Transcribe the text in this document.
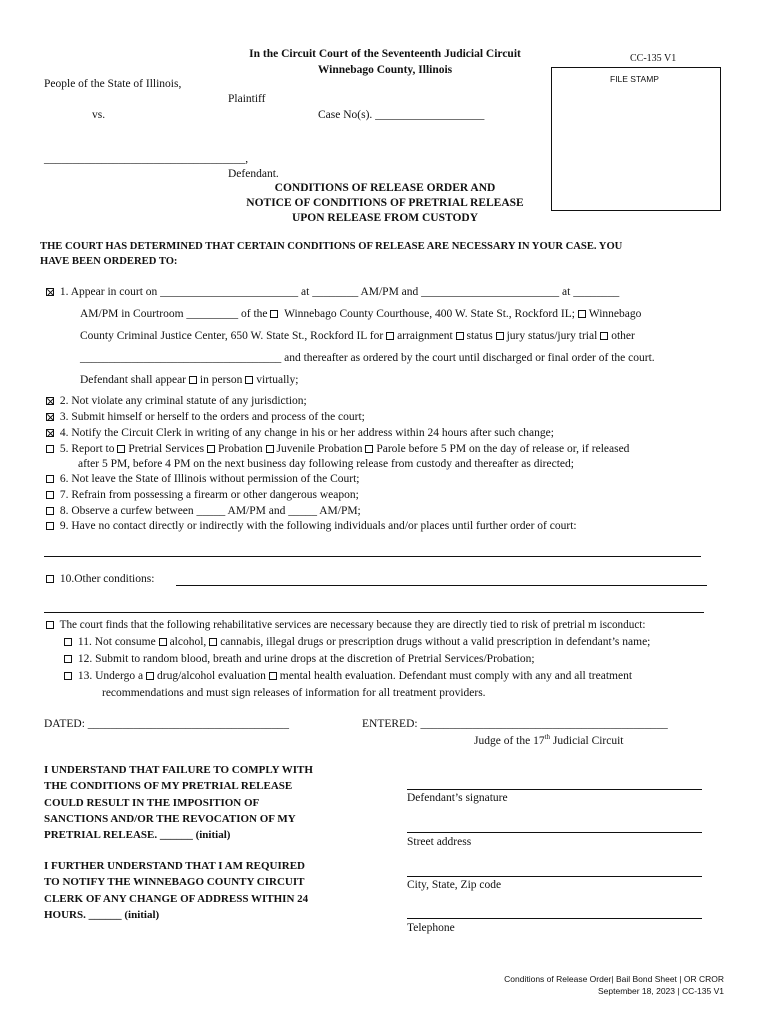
In the Circuit Court of the Seventeenth Judicial Circuit
Winnebago County, Illinois
CC-135 V1
FILE STAMP
People of the State of Illinois,
Plaintiff
vs.	Case No(s). ___________________
___________________________________,
Defendant.
CONDITIONS OF RELEASE ORDER AND
NOTICE OF CONDITIONS OF PRETRIAL RELEASE
UPON RELEASE FROM CUSTODY
THE COURT HAS DETERMINED THAT CERTAIN CONDITIONS OF RELEASE ARE NECESSARY IN YOUR CASE. YOU
HAVE BEEN ORDERED TO:
1. Appear in court on ________________________ at ________ AM/PM and ________________________ at ________
AM/PM in Courtroom _________ of the Winnebago County Courthouse, 400 W. State St., Rockford IL; Winnebago
County Criminal Justice Center, 650 W. State St., Rockford IL for arraignment status jury status/jury trial other
___________________________________ and thereafter as ordered by the court until discharged or final order of the court.
Defendant shall appear in person virtually;
2. Not violate any criminal statute of any jurisdiction;
3. Submit himself or herself to the orders and process of the court;
4. Notify the Circuit Clerk in writing of any change in his or her address within 24 hours after such change;
5. Report to Pretrial Services Probation Juvenile Probation Parole before 5 PM on the day of release or, if released
after 5 PM, before 4 PM on the next business day following release from custody and thereafter as directed;
6. Not leave the State of Illinois without permission of the Court;
7. Refrain from possessing a firearm or other dangerous weapon;
8. Observe a curfew between _____ AM/PM and _____ AM/PM;
9. Have no contact directly or indirectly with the following individuals and/or places until further order of court:
10.Other conditions:
The court finds that the following rehabilitative services are necessary because they are directly tied to risk of pretrial m isconduct:
11. Not consume alcohol, cannabis, illegal drugs or prescription drugs without a valid prescription in defendant’s name;
12. Submit to random blood, breath and urine drops at the discretion of Pretrial Services/Probation;
13. Undergo a drug/alcohol evaluation mental health evaluation. Defendant must comply with any and all treatment
recommendations and must sign releases of information for all treatment providers.
DATED: ___________________________________	ENTERED: ___________________________________________
Judge of the 17th Judicial Circuit
I UNDERSTAND THAT FAILURE TO COMPLY WITH
THE CONDITIONS OF MY PRETRIAL RELEASE
COULD RESULT IN THE IMPOSITION OF
SANCTIONS AND/OR THE REVOCATION OF MY
PRETRIAL RELEASE. ______ (initial)
I FURTHER UNDERSTAND THAT I AM REQUIRED
TO NOTIFY THE WINNEBAGO COUNTY CIRCUIT
CLERK OF ANY CHANGE OF ADDRESS WITHIN 24
HOURS. ______ (initial)
Defendant’s signature
Street address
City, State, Zip code
Telephone
Conditions of Release Order| Bail Bond Sheet | OR CROR
September 18, 2023 | CC-135 V1
